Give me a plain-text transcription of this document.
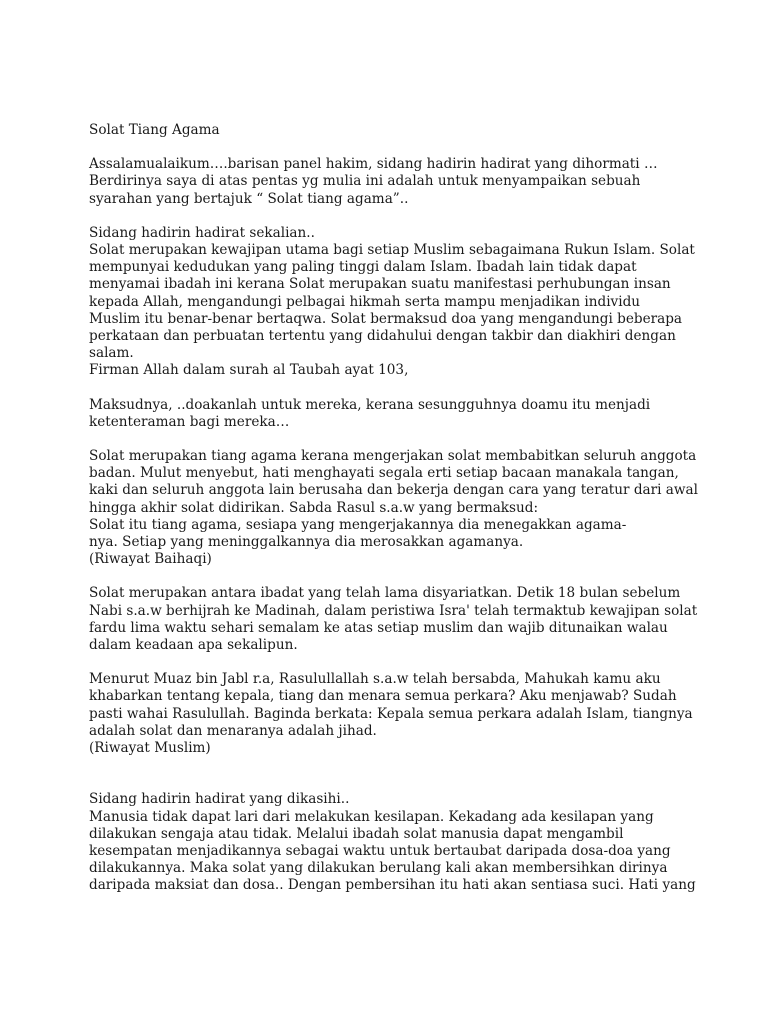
Solat Tiang Agama
Assalamualaikum….barisan panel hakim, sidang hadirin hadirat yang dihormati …
Berdirinya saya di atas pentas yg mulia ini adalah untuk menyampaikan sebuah
syarahan yang bertajuk “ Solat tiang agama”..
Sidang hadirin hadirat sekalian..
Solat merupakan kewajipan utama bagi setiap Muslim sebagaimana Rukun Islam. Solat
mempunyai kedudukan yang paling tinggi dalam Islam. Ibadah lain tidak dapat
menyamai ibadah ini kerana Solat merupakan suatu manifestasi perhubungan insan
kepada Allah, mengandungi pelbagai hikmah serta mampu menjadikan individu
Muslim itu benar-benar bertaqwa. Solat bermaksud doa yang mengandungi beberapa
perkataan dan perbuatan tertentu yang didahului dengan takbir dan diakhiri dengan
salam.
Firman Allah dalam surah al Taubah ayat 103,
Maksudnya, ..doakanlah untuk mereka, kerana sesungguhnya doamu itu menjadi
ketenteraman bagi mereka…
Solat merupakan tiang agama kerana mengerjakan solat membabitkan seluruh anggota
badan. Mulut menyebut, hati menghayati segala erti setiap bacaan manakala tangan,
kaki dan seluruh anggota lain berusaha dan bekerja dengan cara yang teratur dari awal
hingga akhir solat didirikan. Sabda Rasul s.a.w yang bermaksud:
Solat itu tiang agama, sesiapa yang mengerjakannya dia menegakkan agama-
nya. Setiap yang meninggalkannya dia merosakkan agamanya.
(Riwayat Baihaqi)
Solat merupakan antara ibadat yang telah lama disyariatkan. Detik 18 bulan sebelum
Nabi s.a.w berhijrah ke Madinah, dalam peristiwa Isra' telah termaktub kewajipan solat
fardu lima waktu sehari semalam ke atas setiap muslim dan wajib ditunaikan walau
dalam keadaan apa sekalipun.
Menurut Muaz bin Jabl r.a, Rasulullallah s.a.w telah bersabda, Mahukah kamu aku
khabarkan tentang kepala, tiang dan menara semua perkara? Aku menjawab? Sudah
pasti wahai Rasulullah. Baginda berkata: Kepala semua perkara adalah Islam, tiangnya
adalah solat dan menaranya adalah jihad.
(Riwayat Muslim)
Sidang hadirin hadirat yang dikasihi..
Manusia tidak dapat lari dari melakukan kesilapan. Kekadang ada kesilapan yang
dilakukan sengaja atau tidak. Melalui ibadah solat manusia dapat mengambil
kesempatan menjadikannya sebagai waktu untuk bertaubat daripada dosa-doa yang
dilakukannya. Maka solat yang dilakukan berulang kali akan membersihkan dirinya
daripada maksiat dan dosa.. Dengan pembersihan itu hati akan sentiasa suci. Hati yang
